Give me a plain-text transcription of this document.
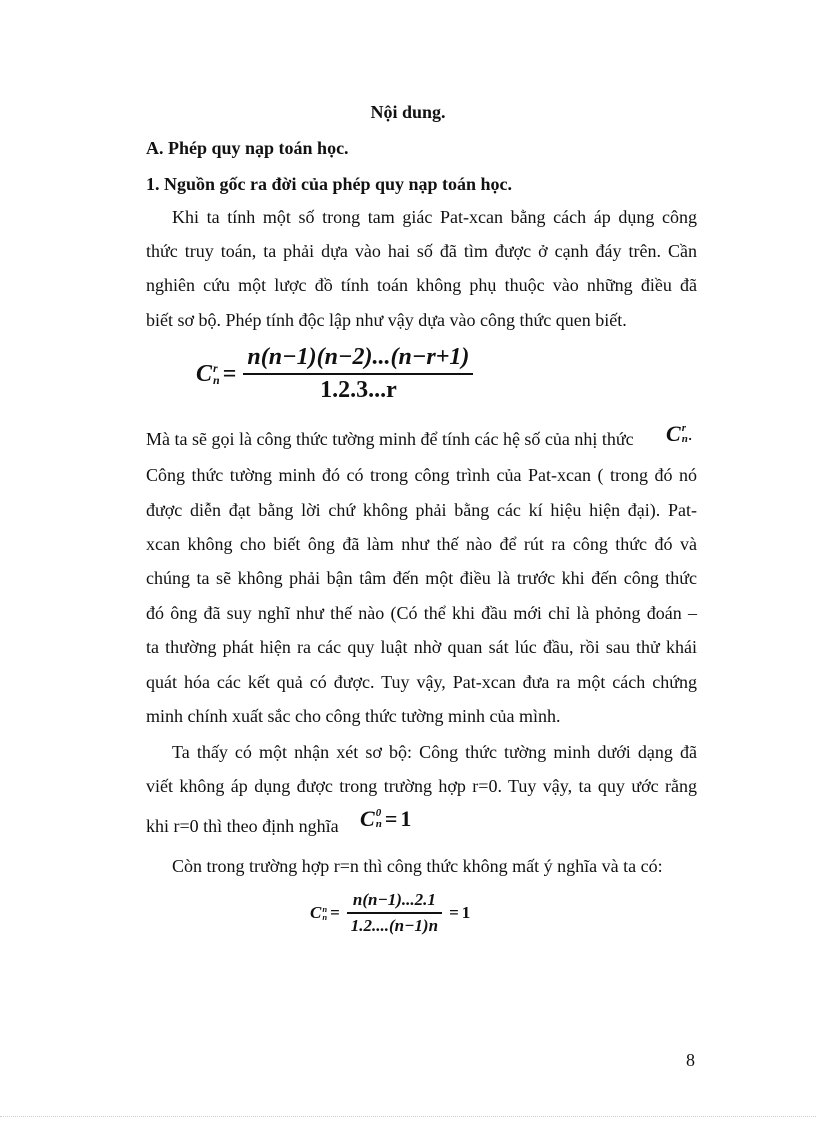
Nội dung.
A. Phép quy nạp toán học.
1. Nguồn gốc ra đời của phép quy nạp toán học.
Khi ta tính một số trong tam giác Pat-xcan bằng cách áp dụng công
thức truy toán, ta phải dựa vào hai số đã tìm được ở cạnh đáy trên. Cần
nghiên cứu một lược đồ tính toán không phụ thuộc vào những điều đã
biết sơ bộ. Phép tính độc lập như vậy dựa vào công thức quen biết.
C r
$n = \frac{n(n-1)(n-2)...(n-r+1)}{1.2.3...r}$
Mà ta sẽ gọi là công thức tường minh để tính các hệ số của nhị thức	C r
n .
Công thức tường minh đó có trong công trình của Pat-xcan ( trong đó nó
được diễn đạt bằng lời chứ không phải bằng các kí hiệu hiện đại). Pat-
xcan không cho biết ông đã làm như thế nào để rút ra công thức đó và
chúng ta sẽ không phải bận tâm đến một điều là trước khi đến công thức
đó ông đã suy nghĩ như thế nào (Có thể khi đầu mới chỉ là phỏng đoán –
ta thường phát hiện ra các quy luật nhờ quan sát lúc đầu, rồi sau thử khái
quát hóa các kết quả có được. Tuy vậy, Pat-xcan đưa ra một cách chứng
minh chính xuất sắc cho công thức tường minh của mình.
Ta thấy có một nhận xét sơ bộ: Công thức tường minh dưới dạng đã
viết không áp dụng được trong trường hợp r=0. Tuy vậy, ta quy ước rằng
khi r=0 thì theo định nghĩa C 0
n = 1
Còn trong trường hợp r=n thì công thức không mất ý nghĩa và ta có:
C n
$n = \frac{n(n-1)...2.1}{1.2....(n-1)n} = 1$
8
